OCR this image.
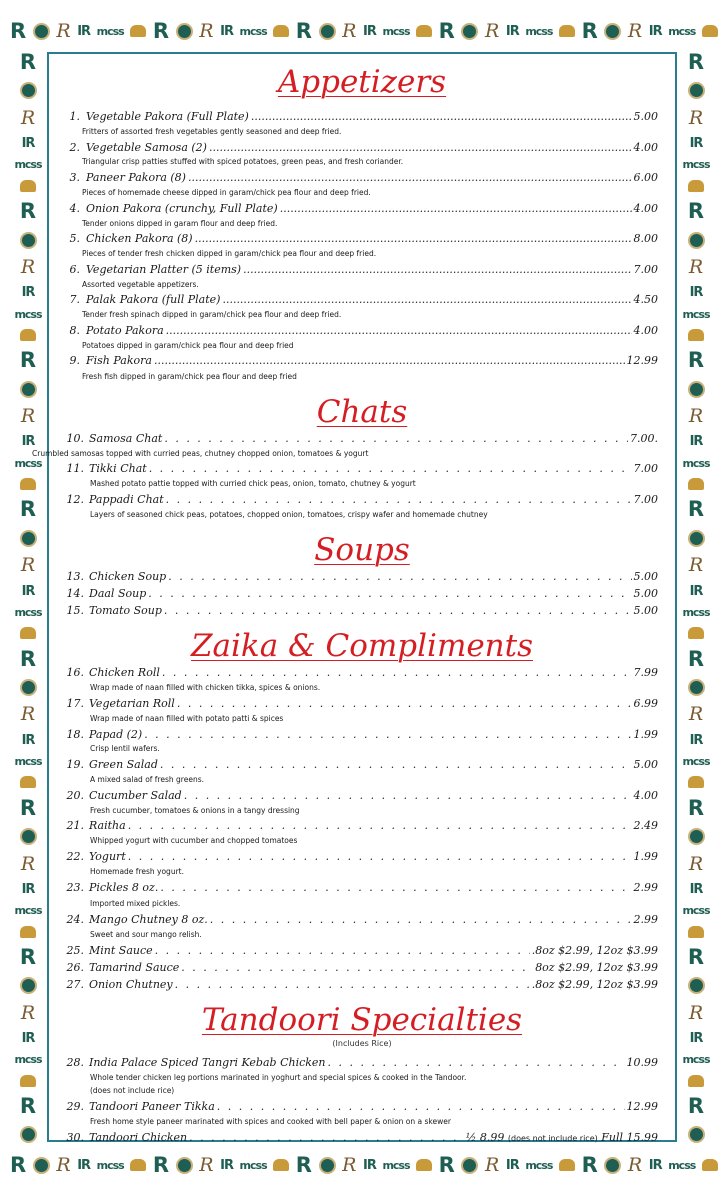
R R IR mcss R R IR mcss R R IR mcss R R IR mcss R R IR mcss
R R IR mcss R R IR mcss R R IR mcss R R IR mcss R R IR mcss
R
R
IR
mcss
R
R
IR
mcss
R
R
IR
mcss
R
R
IR
mcss
R
R
IR
mcss
R
R
IR
mcss
R
R
IR
mcss
R
R
R
IR
mcss
R
R
IR
mcss
R
R
IR
mcss
R
R
IR
mcss
R
R
IR
mcss
R
R
IR
mcss
R
R
IR
mcss
R
Appetizers
1. Vegetable Pakora (Full Plate) .....	5.00
Fritters of assorted fresh vegetables gently seasoned and deep fried.
2. Vegetable Samosa (2) .....	4.00
Triangular crisp patties stuffed with spiced potatoes, green peas, and fresh coriander.
3. Paneer Pakora (8) .....	6.00
Pieces of homemade cheese dipped in garam/chick pea flour and deep fried.
4. Onion Pakora (crunchy, Full Plate) .....	4.00
Tender onions dipped in garam flour and deep fried.
5. Chicken Pakora (8) .....	8.00
Pieces of tender fresh chicken dipped in garam/chick pea flour and deep fried.
6. Vegetarian Platter (5 items) .....	7.00
Assorted vegetable appetizers.
7. Palak Pakora (full Plate) .....	4.50
Tender fresh spinach dipped in garam/chick pea flour and deep fried.
8. Potato Pakora .....	4.00
Potatoes dipped in garam/chick pea flour and deep fried
9. Fish Pakora .....	12.99
Fresh fish dipped in garam/chick pea flour and deep fried
Chats
10. Samosa Chat . . .	7.00.
Crumbled samosas topped with curried peas, chutney chopped onion, tomatoes & yogurt
11. Tikki Chat . . .	7.00
Mashed potato pattie topped with curried chick peas, onion, tomato, chutney & yogurt
12. Pappadi Chat . . .	7.00
Layers of seasoned chick peas, potatoes, chopped onion, tomatoes, crispy wafer and homemade chutney
Soups
13. Chicken Soup . . .	5.00
14. Daal Soup . . .	5.00
15. Tomato Soup . . .	5.00
Zaika & Compliments
16. Chicken Roll . . .	7.99
Wrap made of naan filled with chicken tikka, spices & onions.
17. Vegetarian Roll . . .	6.99
Wrap made of naan filled with potato patti & spices
18. Papad (2) . . .	1.99
Crisp lentil wafers.
19. Green Salad . . .	5.00
A mixed salad of fresh greens.
20. Cucumber Salad . . .	4.00
Fresh cucumber, tomatoes & onions in a tangy dressing
21. Raitha . . .	2.49
Whipped yogurt with cucumber and chopped tomatoes
22. Yogurt . . .	1.99
Homemade fresh yogurt.
23. Pickles 8 oz. . . .	2.99
Imported mixed pickles.
24. Mango Chutney 8 oz. . . .	2.99
Sweet and sour mango relish.
25. Mint Sauce . . .	.8oz $2.99, 12oz $3.99
26. Tamarind Sauce . . .	8oz $2.99, 12oz $3.99
27. Onion Chutney . . .	.8oz $2.99, 12oz $3.99
Tandoori Specialties
(Includes Rice)
28. India Palace Spiced Tangri Kebab Chicken . . .	10.99
Whole tender chicken leg portions marinated in yoghurt and special spices & cooked in the Tandoor.
(does not include rice)
29. Tandoori Paneer Tikka . . .	12.99
Fresh home style paneer marinated with spices and cooked with bell paper & onion on a skewer
30. Tandoori Chicken . . .	½ 8.99 (does not include rice) Full 15.99
